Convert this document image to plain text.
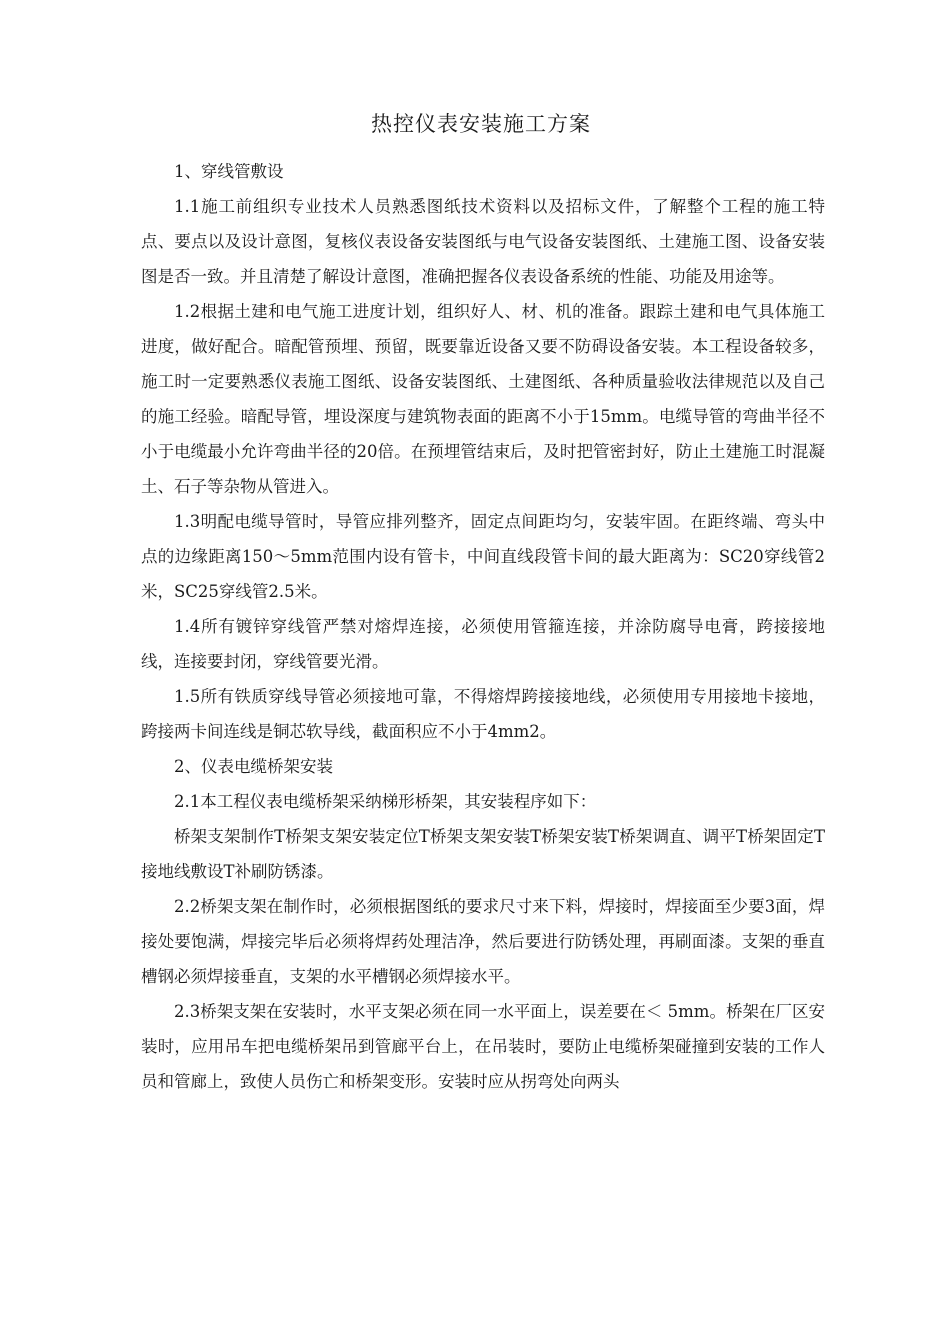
热控仪表安装施工方案

1、穿线管敷设

1.1施工前组织专业技术人员熟悉图纸技术资料以及招标文件，了解整个工程的施工特点、要点以及设计意图，复核仪表设备安装图纸与电气设备安装图纸、土建施工图、设备安装图是否一致。并且清楚了解设计意图，准确把握各仪表设备系统的性能、功能及用途等。

1.2根据土建和电气施工进度计划，组织好人、材、机的准备。跟踪土建和电气具体施工进度，做好配合。暗配管预埋、预留，既要靠近设备又要不防碍设备安装。本工程设备较多，施工时一定要熟悉仪表施工图纸、设备安装图纸、土建图纸、各种质量验收法律规范以及自己的施工经验。暗配导管，埋设深度与建筑物表面的距离不小于15mm。电缆导管的弯曲半径不小于电缆最小允许弯曲半径的20倍。在预埋管结束后，及时把管密封好，防止土建施工时混凝土、石子等杂物从管进入。

1.3明配电缆导管时，导管应排列整齐，固定点间距均匀，安装牢固。在距终端、弯头中点的边缘距离150〜5mm范围内设有管卡，中间直线段管卡间的最大距离为：SC20穿线管2米，SC25穿线管2.5米。

1.4所有镀锌穿线管严禁对熔焊连接，必须使用管箍连接，并涂防腐导电膏，跨接接地线，连接要封闭，穿线管要光滑。

1.5所有铁质穿线导管必须接地可靠，不得熔焊跨接接地线，必须使用专用接地卡接地，跨接两卡间连线是铜芯软导线，截面积应不小于4mm2。

2、仪表电缆桥架安装

2.1本工程仪表电缆桥架采纳梯形桥架，其安装程序如下：

桥架支架制作T桥架支架安装定位T桥架支架安装T桥架安装T桥架调直、调平T桥架固定T接地线敷设T补刷防锈漆。

2.2桥架支架在制作时，必须根据图纸的要求尺寸来下料，焊接时，焊接面至少要3面，焊接处要饱满，焊接完毕后必须将焊药处理洁净，然后要进行防锈处理，再刷面漆。支架的垂直槽钢必须焊接垂直，支架的水平槽钢必须焊接水平。

2.3桥架支架在安装时，水平支架必须在同一水平面上，误差要在＜ 5mm。桥架在厂区安装时，应用吊车把电缆桥架吊到管廊平台上，在吊装时，要防止电缆桥架碰撞到安装的工作人员和管廊上，致使人员伤亡和桥架变形。安装时应从拐弯处向两头
